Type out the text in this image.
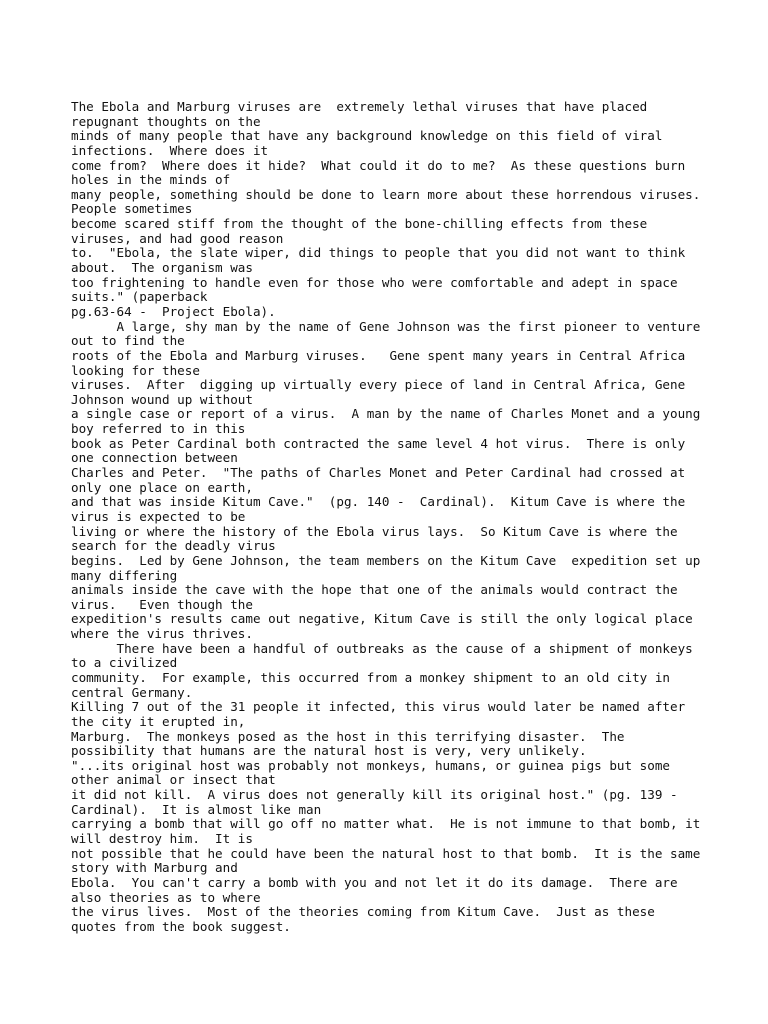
The Ebola and Marburg viruses are  extremely lethal viruses that have placed
repugnant thoughts on the
minds of many people that have any background knowledge on this field of viral
infections.  Where does it
come from?  Where does it hide?  What could it do to me?  As these questions burn
holes in the minds of
many people, something should be done to learn more about these horrendous viruses.
People sometimes
become scared stiff from the thought of the bone-chilling effects from these
viruses, and had good reason
to.  "Ebola, the slate wiper, did things to people that you did not want to think
about.  The organism was
too frightening to handle even for those who were comfortable and adept in space
suits." (paperback
pg.63-64 -  Project Ebola).
A large, shy man by the name of Gene Johnson was the first pioneer to venture
out to find the
roots of the Ebola and Marburg viruses.   Gene spent many years in Central Africa
looking for these
viruses.  After  digging up virtually every piece of land in Central Africa, Gene
Johnson wound up without
a single case or report of a virus.  A man by the name of Charles Monet and a young
boy referred to in this
book as Peter Cardinal both contracted the same level 4 hot virus.  There is only
one connection between
Charles and Peter.  "The paths of Charles Monet and Peter Cardinal had crossed at
only one place on earth,
and that was inside Kitum Cave."  (pg. 140 -  Cardinal).  Kitum Cave is where the
virus is expected to be
living or where the history of the Ebola virus lays.  So Kitum Cave is where the
search for the deadly virus
begins.  Led by Gene Johnson, the team members on the Kitum Cave  expedition set up
many differing
animals inside the cave with the hope that one of the animals would contract the
virus.   Even though the
expedition's results came out negative, Kitum Cave is still the only logical place
where the virus thrives.
There have been a handful of outbreaks as the cause of a shipment of monkeys
to a civilized
community.  For example, this occurred from a monkey shipment to an old city in
central Germany.
Killing 7 out of the 31 people it infected, this virus would later be named after
the city it erupted in,
Marburg.  The monkeys posed as the host in this terrifying disaster.  The
possibility that humans are the natural host is very, very unlikely.
"...its original host was probably not monkeys, humans, or guinea pigs but some
other animal or insect that
it did not kill.  A virus does not generally kill its original host." (pg. 139 -
Cardinal).  It is almost like man
carrying a bomb that will go off no matter what.  He is not immune to that bomb, it
will destroy him.  It is
not possible that he could have been the natural host to that bomb.  It is the same
story with Marburg and
Ebola.  You can't carry a bomb with you and not let it do its damage.  There are
also theories as to where
the virus lives.  Most of the theories coming from Kitum Cave.  Just as these
quotes from the book suggest.
